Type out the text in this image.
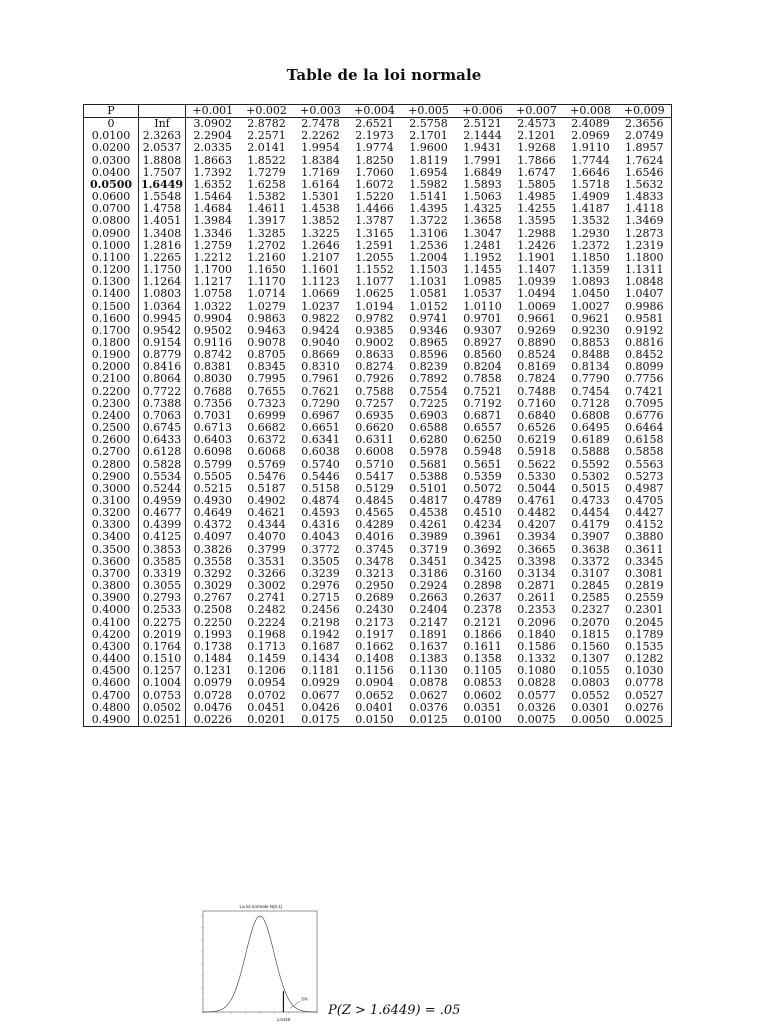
Table de la loi normale
P		+0.001	+0.002	+0.003	+0.004	+0.005	+0.006	+0.007	+0.008	+0.009
0	Inf	3.0902	2.8782	2.7478	2.6521	2.5758	2.5121	2.4573	2.4089	2.3656
0.0100	2.3263	2.2904	2.2571	2.2262	2.1973	2.1701	2.1444	2.1201	2.0969	2.0749
0.0200	2.0537	2.0335	2.0141	1.9954	1.9774	1.9600	1.9431	1.9268	1.9110	1.8957
0.0300	1.8808	1.8663	1.8522	1.8384	1.8250	1.8119	1.7991	1.7866	1.7744	1.7624
0.0400	1.7507	1.7392	1.7279	1.7169	1.7060	1.6954	1.6849	1.6747	1.6646	1.6546
0.0500	1.6449	1.6352	1.6258	1.6164	1.6072	1.5982	1.5893	1.5805	1.5718	1.5632
0.0600	1.5548	1.5464	1.5382	1.5301	1.5220	1.5141	1.5063	1.4985	1.4909	1.4833
0.0700	1.4758	1.4684	1.4611	1.4538	1.4466	1.4395	1.4325	1.4255	1.4187	1.4118
0.0800	1.4051	1.3984	1.3917	1.3852	1.3787	1.3722	1.3658	1.3595	1.3532	1.3469
0.0900	1.3408	1.3346	1.3285	1.3225	1.3165	1.3106	1.3047	1.2988	1.2930	1.2873
0.1000	1.2816	1.2759	1.2702	1.2646	1.2591	1.2536	1.2481	1.2426	1.2372	1.2319
0.1100	1.2265	1.2212	1.2160	1.2107	1.2055	1.2004	1.1952	1.1901	1.1850	1.1800
0.1200	1.1750	1.1700	1.1650	1.1601	1.1552	1.1503	1.1455	1.1407	1.1359	1.1311
0.1300	1.1264	1.1217	1.1170	1.1123	1.1077	1.1031	1.0985	1.0939	1.0893	1.0848
0.1400	1.0803	1.0758	1.0714	1.0669	1.0625	1.0581	1.0537	1.0494	1.0450	1.0407
0.1500	1.0364	1.0322	1.0279	1.0237	1.0194	1.0152	1.0110	1.0069	1.0027	0.9986
0.1600	0.9945	0.9904	0.9863	0.9822	0.9782	0.9741	0.9701	0.9661	0.9621	0.9581
0.1700	0.9542	0.9502	0.9463	0.9424	0.9385	0.9346	0.9307	0.9269	0.9230	0.9192
0.1800	0.9154	0.9116	0.9078	0.9040	0.9002	0.8965	0.8927	0.8890	0.8853	0.8816
0.1900	0.8779	0.8742	0.8705	0.8669	0.8633	0.8596	0.8560	0.8524	0.8488	0.8452
0.2000	0.8416	0.8381	0.8345	0.8310	0.8274	0.8239	0.8204	0.8169	0.8134	0.8099
0.2100	0.8064	0.8030	0.7995	0.7961	0.7926	0.7892	0.7858	0.7824	0.7790	0.7756
0.2200	0.7722	0.7688	0.7655	0.7621	0.7588	0.7554	0.7521	0.7488	0.7454	0.7421
0.2300	0.7388	0.7356	0.7323	0.7290	0.7257	0.7225	0.7192	0.7160	0.7128	0.7095
0.2400	0.7063	0.7031	0.6999	0.6967	0.6935	0.6903	0.6871	0.6840	0.6808	0.6776
0.2500	0.6745	0.6713	0.6682	0.6651	0.6620	0.6588	0.6557	0.6526	0.6495	0.6464
0.2600	0.6433	0.6403	0.6372	0.6341	0.6311	0.6280	0.6250	0.6219	0.6189	0.6158
0.2700	0.6128	0.6098	0.6068	0.6038	0.6008	0.5978	0.5948	0.5918	0.5888	0.5858
0.2800	0.5828	0.5799	0.5769	0.5740	0.5710	0.5681	0.5651	0.5622	0.5592	0.5563
0.2900	0.5534	0.5505	0.5476	0.5446	0.5417	0.5388	0.5359	0.5330	0.5302	0.5273
0.3000	0.5244	0.5215	0.5187	0.5158	0.5129	0.5101	0.5072	0.5044	0.5015	0.4987
0.3100	0.4959	0.4930	0.4902	0.4874	0.4845	0.4817	0.4789	0.4761	0.4733	0.4705
0.3200	0.4677	0.4649	0.4621	0.4593	0.4565	0.4538	0.4510	0.4482	0.4454	0.4427
0.3300	0.4399	0.4372	0.4344	0.4316	0.4289	0.4261	0.4234	0.4207	0.4179	0.4152
0.3400	0.4125	0.4097	0.4070	0.4043	0.4016	0.3989	0.3961	0.3934	0.3907	0.3880
0.3500	0.3853	0.3826	0.3799	0.3772	0.3745	0.3719	0.3692	0.3665	0.3638	0.3611
0.3600	0.3585	0.3558	0.3531	0.3505	0.3478	0.3451	0.3425	0.3398	0.3372	0.3345
0.3700	0.3319	0.3292	0.3266	0.3239	0.3213	0.3186	0.3160	0.3134	0.3107	0.3081
0.3800	0.3055	0.3029	0.3002	0.2976	0.2950	0.2924	0.2898	0.2871	0.2845	0.2819
0.3900	0.2793	0.2767	0.2741	0.2715	0.2689	0.2663	0.2637	0.2611	0.2585	0.2559
0.4000	0.2533	0.2508	0.2482	0.2456	0.2430	0.2404	0.2378	0.2353	0.2327	0.2301
0.4100	0.2275	0.2250	0.2224	0.2198	0.2173	0.2147	0.2121	0.2096	0.2070	0.2045
0.4200	0.2019	0.1993	0.1968	0.1942	0.1917	0.1891	0.1866	0.1840	0.1815	0.1789
0.4300	0.1764	0.1738	0.1713	0.1687	0.1662	0.1637	0.1611	0.1586	0.1560	0.1535
0.4400	0.1510	0.1484	0.1459	0.1434	0.1408	0.1383	0.1358	0.1332	0.1307	0.1282
0.4500	0.1257	0.1231	0.1206	0.1181	0.1156	0.1130	0.1105	0.1080	0.1055	0.1030
0.4600	0.1004	0.0979	0.0954	0.0929	0.0904	0.0878	0.0853	0.0828	0.0803	0.0778
0.4700	0.0753	0.0728	0.0702	0.0677	0.0652	0.0627	0.0602	0.0577	0.0552	0.0527
0.4800	0.0502	0.0476	0.0451	0.0426	0.0401	0.0376	0.0351	0.0326	0.0301	0.0276
0.4900	0.0251	0.0226	0.0201	0.0175	0.0150	0.0125	0.0100	0.0075	0.0050	0.0025
La loi normale N(0,1)
5%
1.6449
P(Z > 1.6449) = .05
